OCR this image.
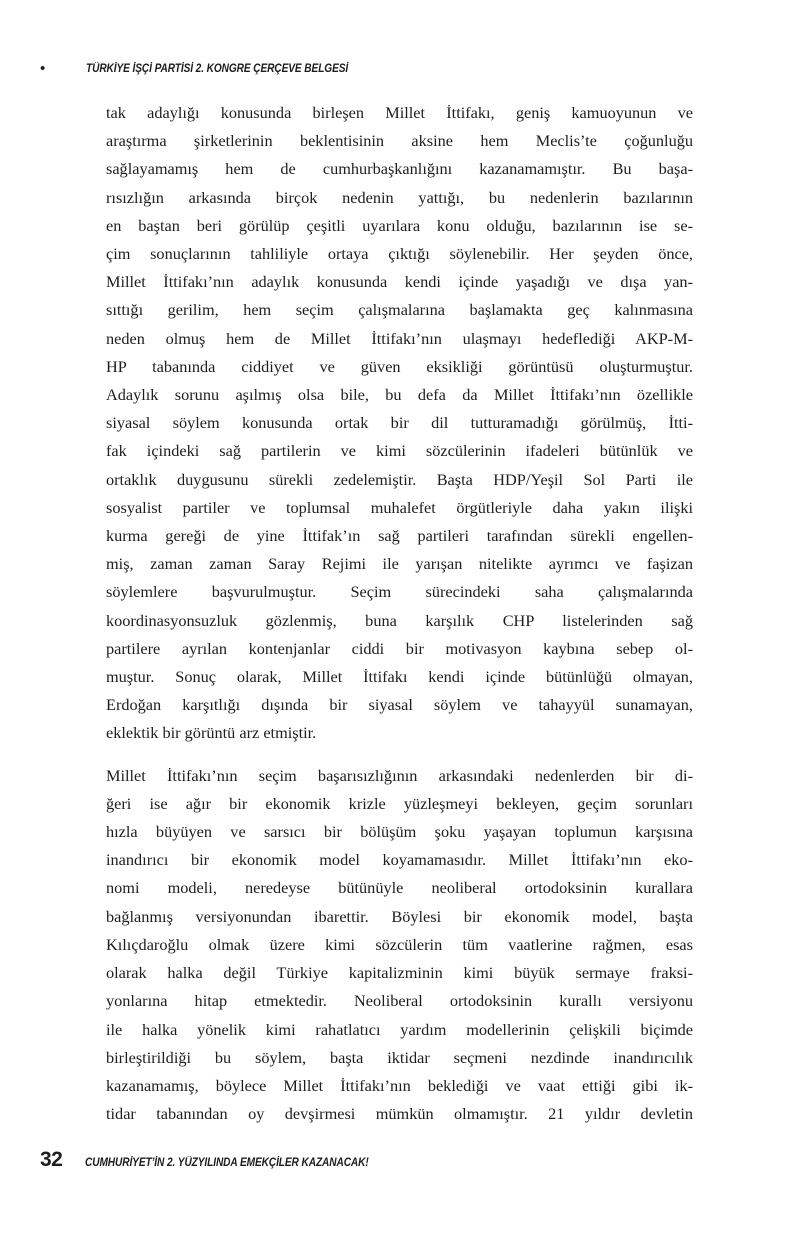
•	TÜRKİYE İŞÇİ PARTİSİ 2. KONGRE ÇERÇEVE BELGESİ
tak adaylığı konusunda birleşen Millet İttifakı, geniş kamuoyunun ve
araştırma şirketlerinin beklentisinin aksine hem Meclis’te çoğunluğu
sağlayamamış hem de cumhurbaşkanlığını kazanamamıştır. Bu başa-
rısızlığın arkasında birçok nedenin yattığı, bu nedenlerin bazılarının
en baştan beri görülüp çeşitli uyarılara konu olduğu, bazılarının ise se-
çim sonuçlarının tahliliyle ortaya çıktığı söylenebilir. Her şeyden önce,
Millet İttifakı’nın adaylık konusunda kendi içinde yaşadığı ve dışa yan-
sıttığı gerilim, hem seçim çalışmalarına başlamakta geç kalınmasına
neden olmuş hem de Millet İttifakı’nın ulaşmayı hedeflediği AKP-M-
HP tabanında ciddiyet ve güven eksikliği görüntüsü oluşturmuştur.
Adaylık sorunu aşılmış olsa bile, bu defa da Millet İttifakı’nın özellikle
siyasal söylem konusunda ortak bir dil tutturamadığı görülmüş, İtti-
fak içindeki sağ partilerin ve kimi sözcülerinin ifadeleri bütünlük ve
ortaklık duygusunu sürekli zedelemiştir. Başta HDP/Yeşil Sol Parti ile
sosyalist partiler ve toplumsal muhalefet örgütleriyle daha yakın ilişki
kurma gereği de yine İttifak’ın sağ partileri tarafından sürekli engellen-
miş, zaman zaman Saray Rejimi ile yarışan nitelikte ayrımcı ve faşizan
söylemlere başvurulmuştur. Seçim sürecindeki saha çalışmalarında
koordinasyonsuzluk gözlenmiş, buna karşılık CHP listelerinden sağ
partilere ayrılan kontenjanlar ciddi bir motivasyon kaybına sebep ol-
muştur. Sonuç olarak, Millet İttifakı kendi içinde bütünlüğü olmayan,
Erdoğan karşıtlığı dışında bir siyasal söylem ve tahayyül sunamayan,
eklektik bir görüntü arz etmiştir.
Millet İttifakı’nın seçim başarısızlığının arkasındaki nedenlerden bir di-
ğeri ise ağır bir ekonomik krizle yüzleşmeyi bekleyen, geçim sorunları
hızla büyüyen ve sarsıcı bir bölüşüm şoku yaşayan toplumun karşısına
inandırıcı bir ekonomik model koyamamasıdır. Millet İttifakı’nın eko-
nomi modeli, neredeyse bütünüyle neoliberal ortodoksinin kurallara
bağlanmış versiyonundan ibarettir. Böylesi bir ekonomik model, başta
Kılıçdaroğlu olmak üzere kimi sözcülerin tüm vaatlerine rağmen, esas
olarak halka değil Türkiye kapitalizminin kimi büyük sermaye fraksi-
yonlarına hitap etmektedir. Neoliberal ortodoksinin kurallı versiyonu
ile halka yönelik kimi rahatlatıcı yardım modellerinin çelişkili biçimde
birleştirildiği bu söylem, başta iktidar seçmeni nezdinde inandırıcılık
kazanamamış, böylece Millet İttifakı’nın beklediği ve vaat ettiği gibi ik-
tidar tabanından oy devşirmesi mümkün olmamıştır. 21 yıldır devletin
32 CUMHURİYET’İN 2. YÜZYILINDA EMEKÇİLER KAZANACAK!
